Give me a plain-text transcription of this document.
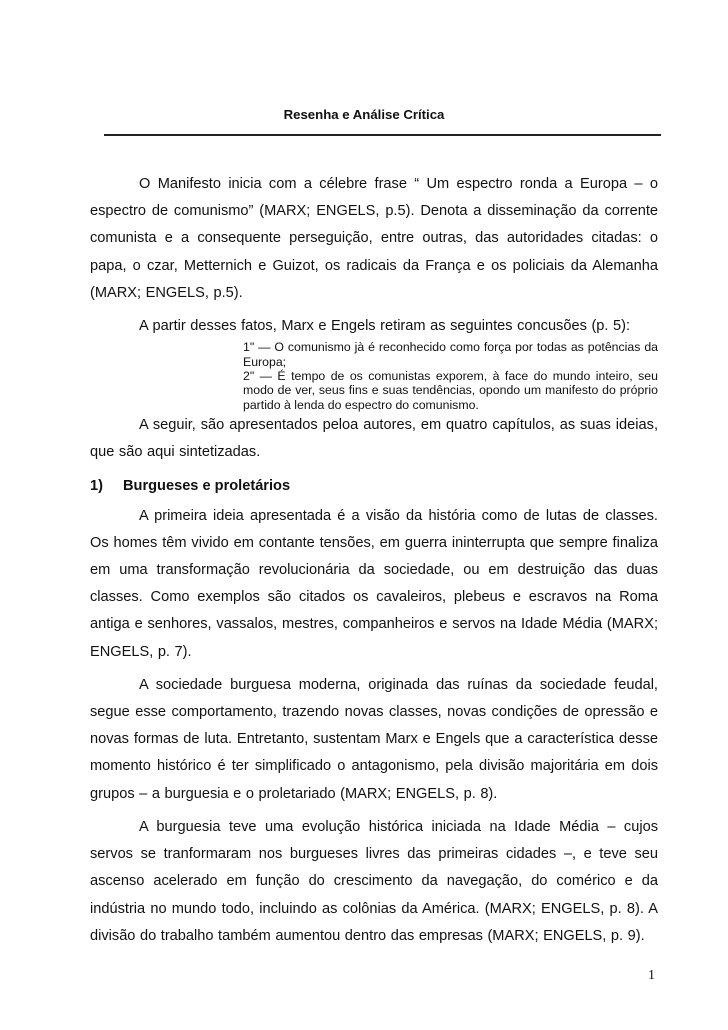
Resenha e Análise Crítica

O Manifesto inicia com a célebre frase “ Um espectro ronda a Europa – o espectro de comunismo” (MARX; ENGELS, p.5). Denota a disseminação da corrente comunista e a consequente perseguição, entre outras, das autoridades citadas: o papa, o czar, Metternich e Guizot, os radicais da França e os policiais da Alemanha (MARX; ENGELS, p.5).

A partir desses fatos, Marx e Engels retiram as seguintes concusões (p. 5):

1" — O comunismo jà é reconhecido como força por todas as potências da Europa;

2" — É tempo de os comunistas exporem, à face do mundo inteiro, seu modo de ver, seus fins e suas tendências, opondo um manifesto do próprio partido à lenda do espectro do comunismo.

A seguir, são apresentados peloa autores, em quatro capítulos, as suas ideias, que são aqui sintetizadas.

1) Burgueses e proletários

A primeira ideia apresentada é a visão da história como de lutas de classes. Os homes têm vivido em contante tensões, em guerra ininterrupta que sempre finaliza em uma transformação revolucionária da sociedade, ou em destruição das duas classes. Como exemplos são citados os cavaleiros, plebeus e escravos na Roma antiga e senhores, vassalos, mestres, companheiros e servos na Idade Média (MARX; ENGELS, p. 7).

A sociedade burguesa moderna, originada das ruínas da sociedade feudal, segue esse comportamento, trazendo novas classes, novas condições de opressão e novas formas de luta. Entretanto, sustentam Marx e Engels que a característica desse momento histórico é ter simplificado o antagonismo, pela divisão majoritária em dois grupos – a burguesia e o proletariado (MARX; ENGELS, p. 8).

A burguesia teve uma evolução histórica iniciada na Idade Média – cujos servos se tranformaram nos burgueses livres das primeiras cidades –, e teve seu ascenso acelerado em função do crescimento da navegação, do comérico e da indústria no mundo todo, incluindo as colônias da América. (MARX; ENGELS, p. 8). A divisão do trabalho também aumentou dentro das empresas (MARX; ENGELS, p. 9).

1
